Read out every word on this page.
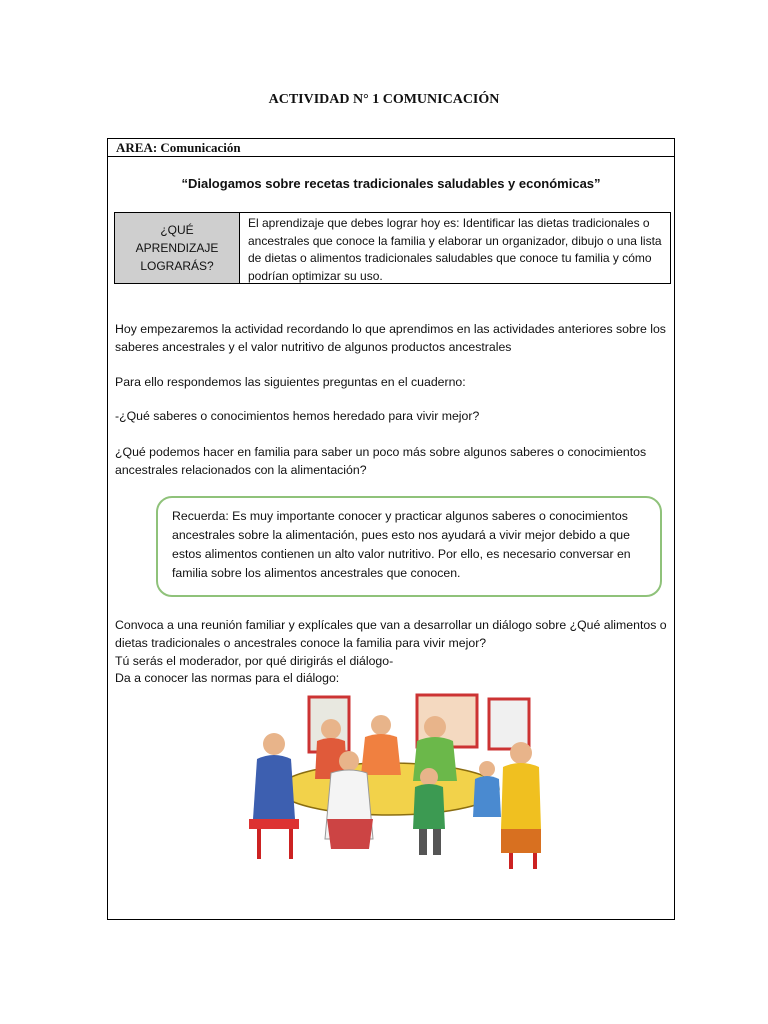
ACTIVIDAD N° 1 COMUNICACIÓN
AREA: Comunicación
“Dialogamos sobre recetas tradicionales saludables y económicas”
¿QUÉ
APRENDIZAJE
LOGRARÁS?
El aprendizaje que debes lograr hoy es: Identificar las dietas tradicionales o ancestrales que conoce la familia y elaborar un organizador, dibujo o una lista de dietas o alimentos tradicionales saludables que conoce tu familia y cómo podrían optimizar su uso.
Hoy empezaremos la actividad recordando lo que aprendimos en las actividades anteriores sobre los saberes ancestrales y el valor nutritivo de algunos productos ancestrales
Para ello respondemos las siguientes preguntas en el cuaderno:
-¿Qué saberes o conocimientos hemos heredado para vivir mejor?
¿Qué podemos hacer en familia para saber un poco más sobre algunos saberes o conocimientos ancestrales relacionados con la alimentación?
Recuerda: Es muy importante conocer y practicar algunos saberes o conocimientos ancestrales sobre la alimentación, pues esto nos ayudará a vivir mejor debido a que estos alimentos contienen un alto valor nutritivo. Por ello, es necesario conversar en familia sobre los alimentos ancestrales que conocen.
Convoca a una reunión familiar y explícales que van a desarrollar un diálogo sobre ¿Qué alimentos o dietas tradicionales o ancestrales conoce la familia para vivir mejor?
Tú serás el moderador, por qué dirigirás el diálogo-
Da a conocer las normas para el diálogo:
